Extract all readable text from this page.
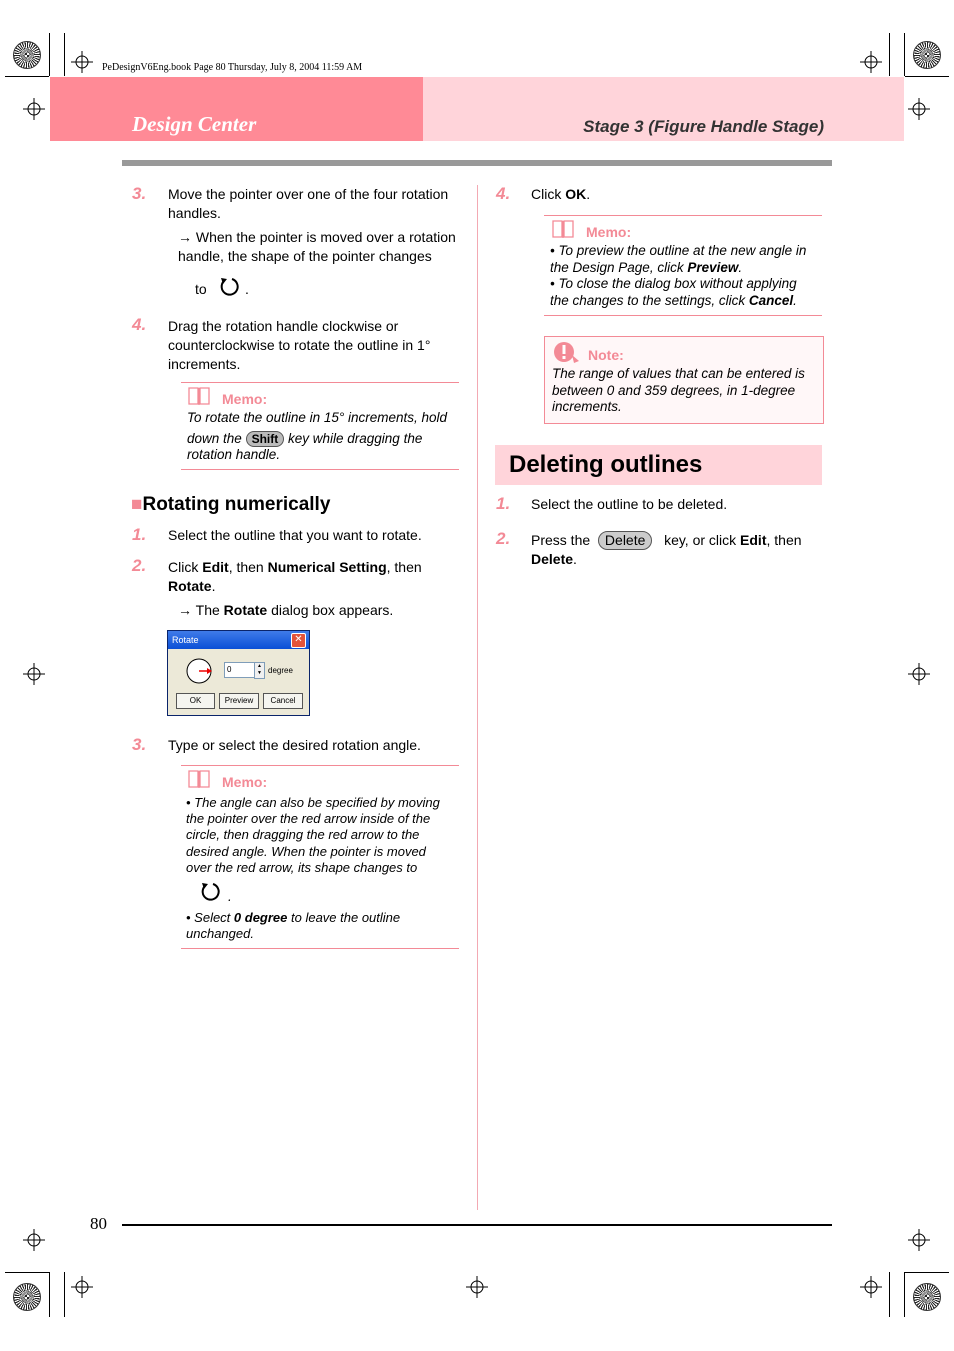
PeDesignV6Eng.book Page 80 Thursday, July 8, 2004 11:59 AM
Design Center	Stage 3 (Figure Handle Stage)
3. Move the pointer over one of the four rotation handles.
→ When the pointer is moved over a rotation handle, the shape of the pointer changes
to	.
4. Drag the rotation handle clockwise or counterclockwise to rotate the outline in 1° increments.
Memo:
To rotate the outline in 15° increments, hold
down the Shift key while dragging the
rotation handle.
■Rotating numerically
1. Select the outline that you want to rotate.
2. Click Edit, then Numerical Setting, then
Rotate.
→ The Rotate dialog box appears.
Rotate	✕
0	▲
▼ degree
OK	Preview	Cancel
3. Type or select the desired rotation angle.
Memo:
• The angle can also be specified by moving the pointer over the red arrow inside of the circle, then dragging the red arrow to the desired angle. When the pointer is moved over the red arrow, its shape changes to
.
• Select 0 degree to leave the outline unchanged.
4. Click OK.
Memo:
• To preview the outline at the new angle in the Design Page, click Preview.
• To close the dialog box without applying the changes to the settings, click Cancel.
Note:
The range of values that can be entered is between 0 and 359 degrees, in 1-degree increments.
Deleting outlines
1. Select the outline to be deleted.
2. Press the Delete key, or click Edit, then
Delete.
80
